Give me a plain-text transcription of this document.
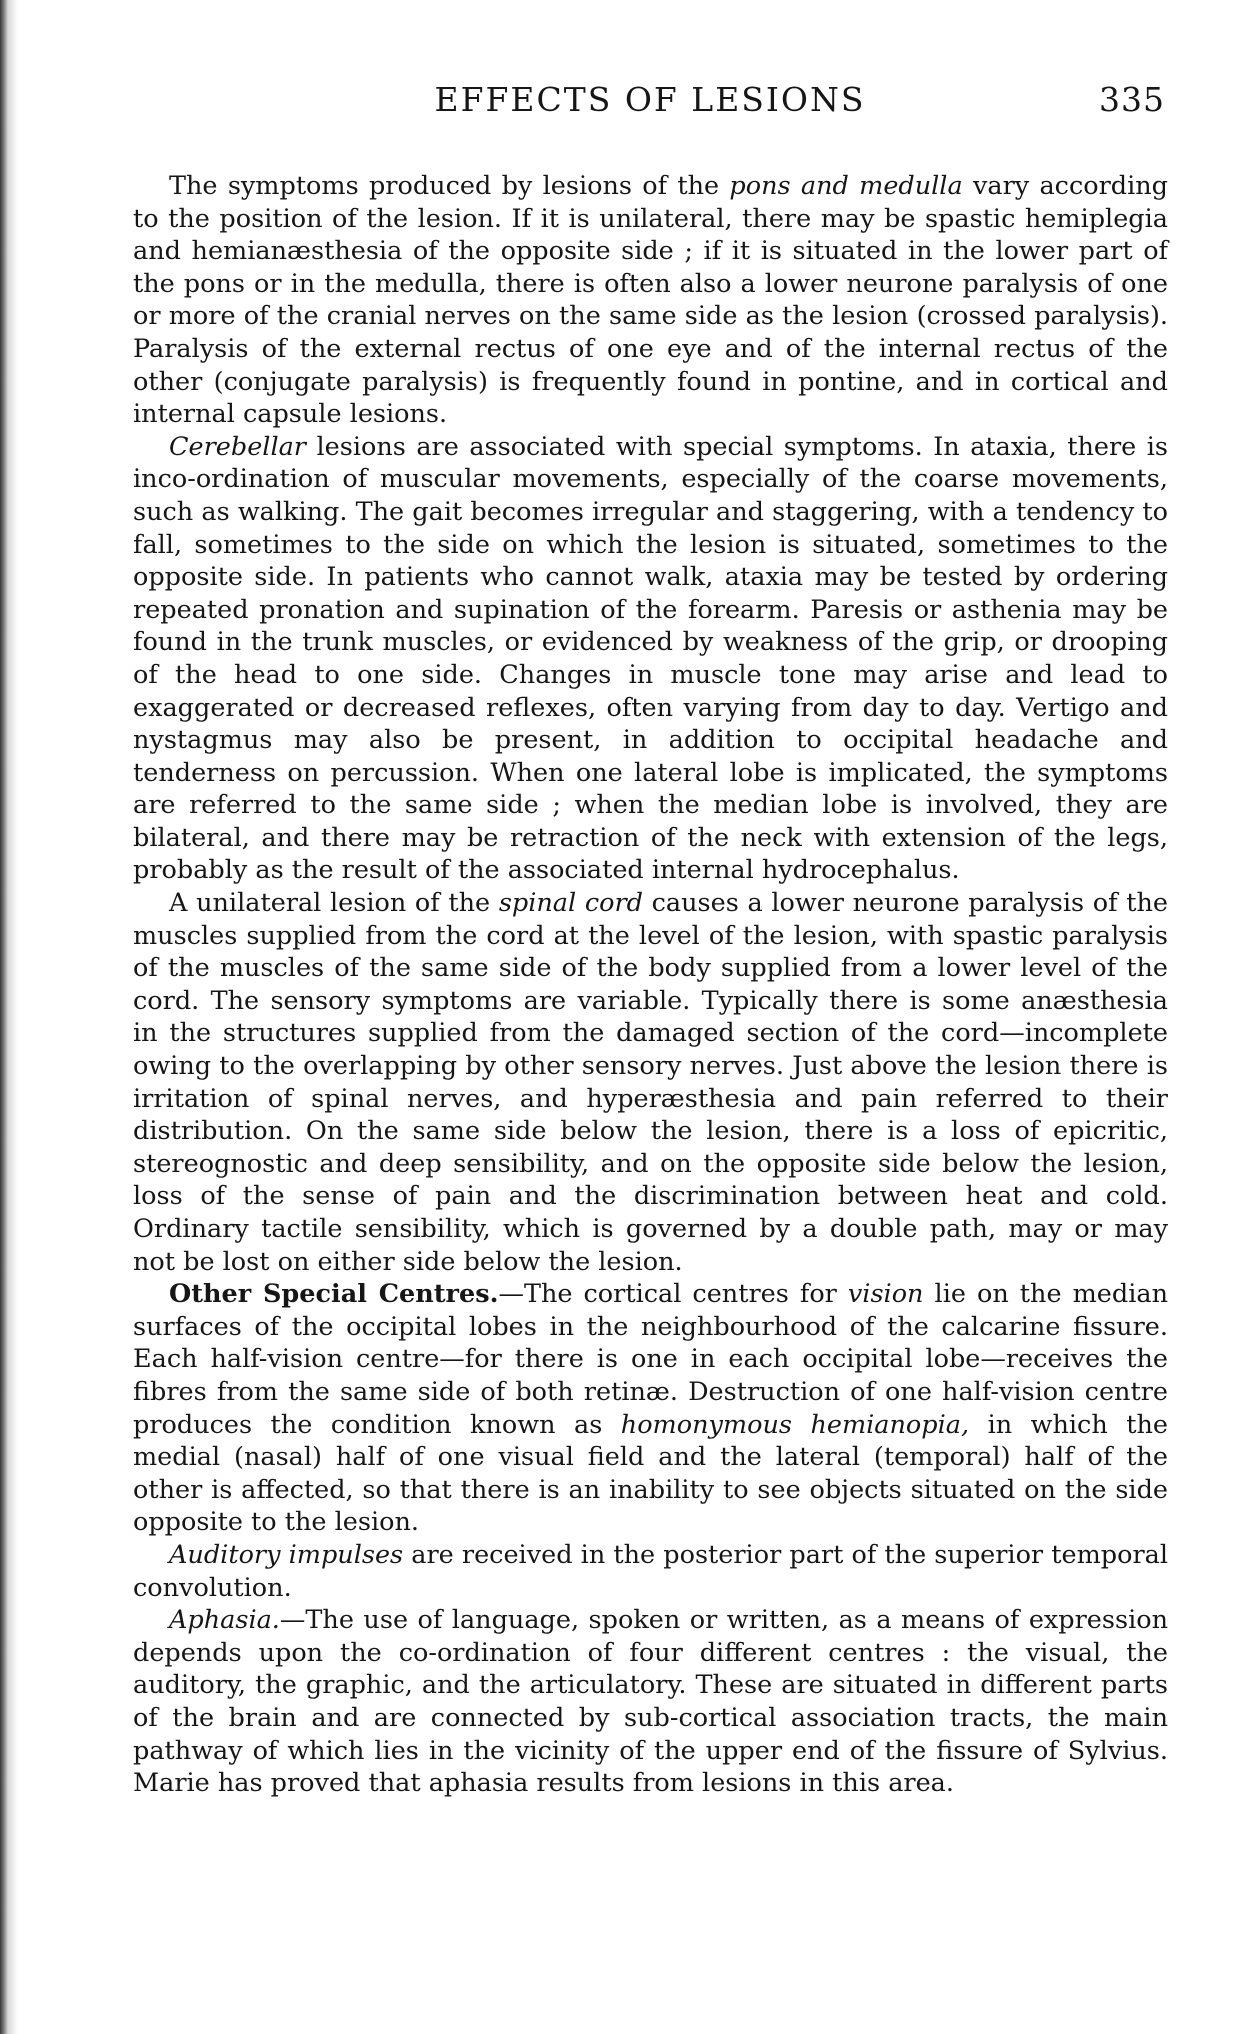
EFFECTS OF LESIONS	335

The symptoms produced by lesions of the pons and medulla vary according to the position of the lesion. If it is unilateral, there may be spastic hemiplegia and hemianæsthesia of the opposite side ; if it is situated in the lower part of the pons or in the medulla, there is often also a lower neurone paralysis of one or more of the cranial nerves on the same side as the lesion (crossed paralysis). Paralysis of the external rectus of one eye and of the internal rectus of the other (conjugate paralysis) is frequently found in pontine, and in cortical and internal capsule lesions.

Cerebellar lesions are associated with special symptoms. In ataxia, there is inco-ordination of muscular movements, especially of the coarse movements, such as walking. The gait becomes irregular and staggering, with a tendency to fall, sometimes to the side on which the lesion is situated, sometimes to the opposite side. In patients who cannot walk, ataxia may be tested by ordering repeated pronation and supination of the forearm. Paresis or asthenia may be found in the trunk muscles, or evidenced by weakness of the grip, or drooping of the head to one side. Changes in muscle tone may arise and lead to exaggerated or decreased reflexes, often varying from day to day. Vertigo and nystagmus may also be present, in addition to occipital headache and tenderness on percussion. When one lateral lobe is implicated, the symptoms are referred to the same side ; when the median lobe is involved, they are bilateral, and there may be retraction of the neck with extension of the legs, probably as the result of the associated internal hydrocephalus.

A unilateral lesion of the spinal cord causes a lower neurone paralysis of the muscles supplied from the cord at the level of the lesion, with spastic paralysis of the muscles of the same side of the body supplied from a lower level of the cord. The sensory symptoms are variable. Typically there is some anæsthesia in the structures supplied from the damaged section of the cord—incomplete owing to the overlapping by other sensory nerves. Just above the lesion there is irritation of spinal nerves, and hyperæsthesia and pain referred to their distribution. On the same side below the lesion, there is a loss of epicritic, stereognostic and deep sensibility, and on the opposite side below the lesion, loss of the sense of pain and the discrimination between heat and cold. Ordinary tactile sensibility, which is governed by a double path, may or may not be lost on either side below the lesion.

Other Special Centres.—The cortical centres for vision lie on the median surfaces of the occipital lobes in the neighbourhood of the calcarine fissure. Each half-vision centre—for there is one in each occipital lobe—receives the fibres from the same side of both retinæ. Destruction of one half-vision centre produces the condition known as homonymous hemianopia, in which the medial (nasal) half of one visual field and the lateral (temporal) half of the other is affected, so that there is an inability to see objects situated on the side opposite to the lesion.

Auditory impulses are received in the posterior part of the superior temporal convolution.

Aphasia.—The use of language, spoken or written, as a means of expression depends upon the co-ordination of four different centres : the visual, the auditory, the graphic, and the articulatory. These are situated in different parts of the brain and are connected by sub-cortical association tracts, the main pathway of which lies in the vicinity of the upper end of the fissure of Sylvius. Marie has proved that aphasia results from lesions in this area.
